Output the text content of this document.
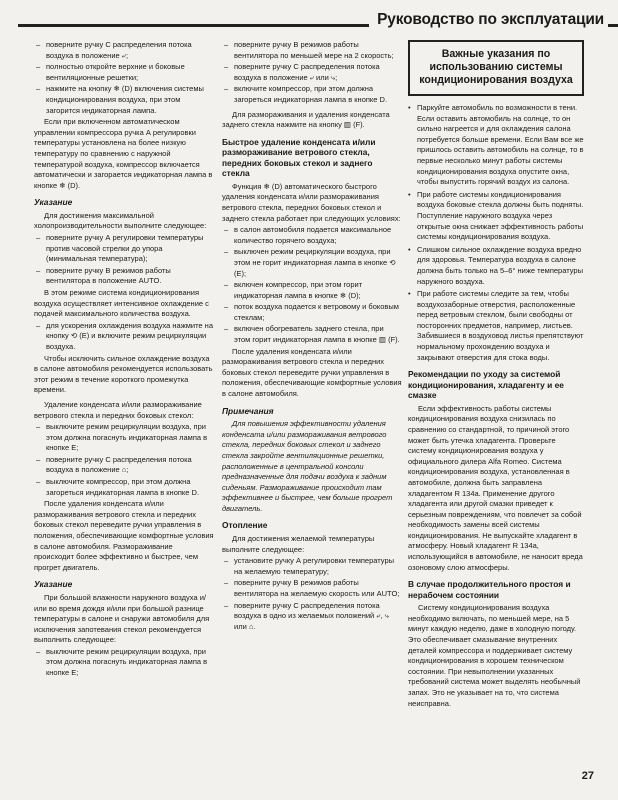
Руководство по эксплуатации
– поверните ручку С распределения потока воздуха в положение ⤶;
– полностью откройте верхние и боковые вентиляционные решетки;
– нажмите на кнопку ❄ (D) включения системы кондиционирования воздуха, при этом загорится индикаторная лампа.

Если при включенном автоматическом управлении компрессора ручка А регулировки температуры установлена на более низкую температуру по сравнению с наружной температурой воздуха, компрессор включается автоматически и загорается индикаторная лампа в кнопке ❄ (D).

Указание

Для достижения максимальной холопроизводительности выполните следующее:

– поверните ручку А регулировки температуры против часовой стрелки до упора (минимальная температура);
– поверните ручку В режимов работы вентилятора в положение AUTO.

В этом режиме система кондиционирования воздуха осуществляет интенсивное охлаждение с подачей максимального количества воздуха.

– для ускорения охлаждения воздуха нажмите на кнопку ⟲ (Е) и включите режим рециркуляции воздуха.

Чтобы исключить сильное охлаждение воздуха в салоне автомобиля рекомендуется использовать этот режим в течение короткого промежутка времени.

Удаление конденсата и/или размораживание ветрового стекла и передних боковых стекол:

– выключите режим рециркуляции воздуха, при этом должна погаснуть индикаторная лампа в кнопке Е;
– поверните ручку С распределения потока воздуха в положение ⌂;
– выключите компрессор, при этом должна загореться индикаторная лампа в кнопке D.

После удаления конденсата и/или размораживания ветрового стекла и передних боковых стекол переведите ручки управления в положения, обеспечивающие комфортные условия в салоне автомобиля. Размораживание происходит более эффективно и быстрее, чем прогрет двигатель.

Указание

При большой влажности наружного воздуха и/или во время дождя и/или при большой разнице температуры в салоне и снаружи автомобиля для исключения запотевания стекол рекомендуется выполнить следующее:

– выключите режим рециркуляции воздуха, при этом должна погаснуть индикаторная лампа в кнопке Е;
– поверните ручку В режимов работы вентилятора по меньшей мере на 2 скорость;
– поверните ручку С распределения потока воздуха в положение ⤶ или ⤷;
– включите компрессор, при этом должна загореться индикаторная лампа в кнопке D.

Для размораживания и удаления конденсата заднего стекла нажмите на кнопку ▥ (F).

Быстрое удаление конденсата и/или размораживание ветрового стекла, передних боковых стекол и заднего стекла

Функция ❄ (D) автоматического быстрого удаления конденсата и/или размораживания ветрового стекла, передних боковых стекол и заднего стекла работает при следующих условиях:

– в салон автомобиля подается максимальное количество горячего воздуха;
– выключен режим рециркуляции воздуха, при этом не горит индикаторная лампа в кнопке ⟲ (Е);
– включен компрессор, при этом горит индикаторная лампа в кнопке ❄ (D);
– поток воздуха подается к ветровому и боковым стеклам;
– включен обогреватель заднего стекла, при этом горит индикаторная лампа в кнопке ▥ (F).

После удаления конденсата и/или размораживания ветрового стекла и передних боковых стекол переведите ручки управления в положения, обеспечивающие комфортные условия в салоне автомобиля.

Примечания

Для повышения эффективности удаления конденсата и/или размораживания ветрового стекла, передних боковых стекол и заднего стекла закройте вентиляционные решетки, расположенные в центральной консоли предназначенные для подачи воздуха к задним сиденьям. Размораживание происходит там эффективнее и быстрее, чем больше прогрет двигатель.

Отопление

Для достижения желаемой температуры выполните следующее:

– установите ручку А регулировки температуры на желаемую температуру;
– поверните ручку В режимов работы вентилятора на желаемую скорость или AUTO;
– поверните ручку С распределения потока воздуха в одно из желаемых положений ⤶, ⤷ или ⌂.
Важные указания по использованию системы кондиционирования воздуха
• Паркуйте автомобиль по возможности в тени. Если оставить автомобиль на солнце, то он сильно нагреется и для охлаждения салона потребуется больше времени. Если Вам все же пришлось оставить автомобиль на солнце, то в первые несколько минут работы системы кондиционирования воздуха опустите окна, чтобы выпустить горячий воздух из салона.
• При работе системы кондиционирования воздуха боковые стекла должны быть подняты. Поступление наружного воздуха через открытые окна снижает эффективность работы системы кондиционирования воздуха.
• Слишком сильное охлаждение воздуха вредно для здоровья. Температура воздуха в салоне должна быть только на 5–6° ниже температуры наружного воздуха.
• При работе системы следите за тем, чтобы воздухозаборные отверстия, расположенные перед ветровым стеклом, были свободны от посторонних предметов, например, листьев. Забившиеся в воздуховод листья препятствуют нормальному прохождению воздуха и закрывают отверстия для стока воды.
Рекомендации по уходу за системой кондиционирования, хладагенту и ее смазке

Если эффективность работы системы кондиционирования воздуха снизилась по сравнению со стандартной, то причиной этого может быть утечка хладагента. Проверьте систему кондиционирования воздуха у официального дилера Alfa Romeo. Система кондиционирования воздуха, установленная в автомобиле, должна быть заправлена хладагентом R 134a. Применение другого хладагента или другой смазки приведет к серьезным повреждениям, что повлечет за собой необходимость замены всей системы кондиционирования. Не выпускайте хладагент в атмосферу. Новый хладагент R 134a, использующийся в автомобиле, не наносит вреда озоновому слою атмосферы.

В случае продолжительного простоя и нерабочем состоянии

Систему кондиционирования воздуха необходимо включать, по меньшей мере, на 5 минут каждую неделю, даже в холодную погоду. Это обеспечивает смазывание внутренних деталей компрессора и поддерживает систему кондиционирования в хорошем техническом состоянии. При невыполнении указанных требований система может выделять необычный запах. Это не указывает на то, что система неисправна.

27
